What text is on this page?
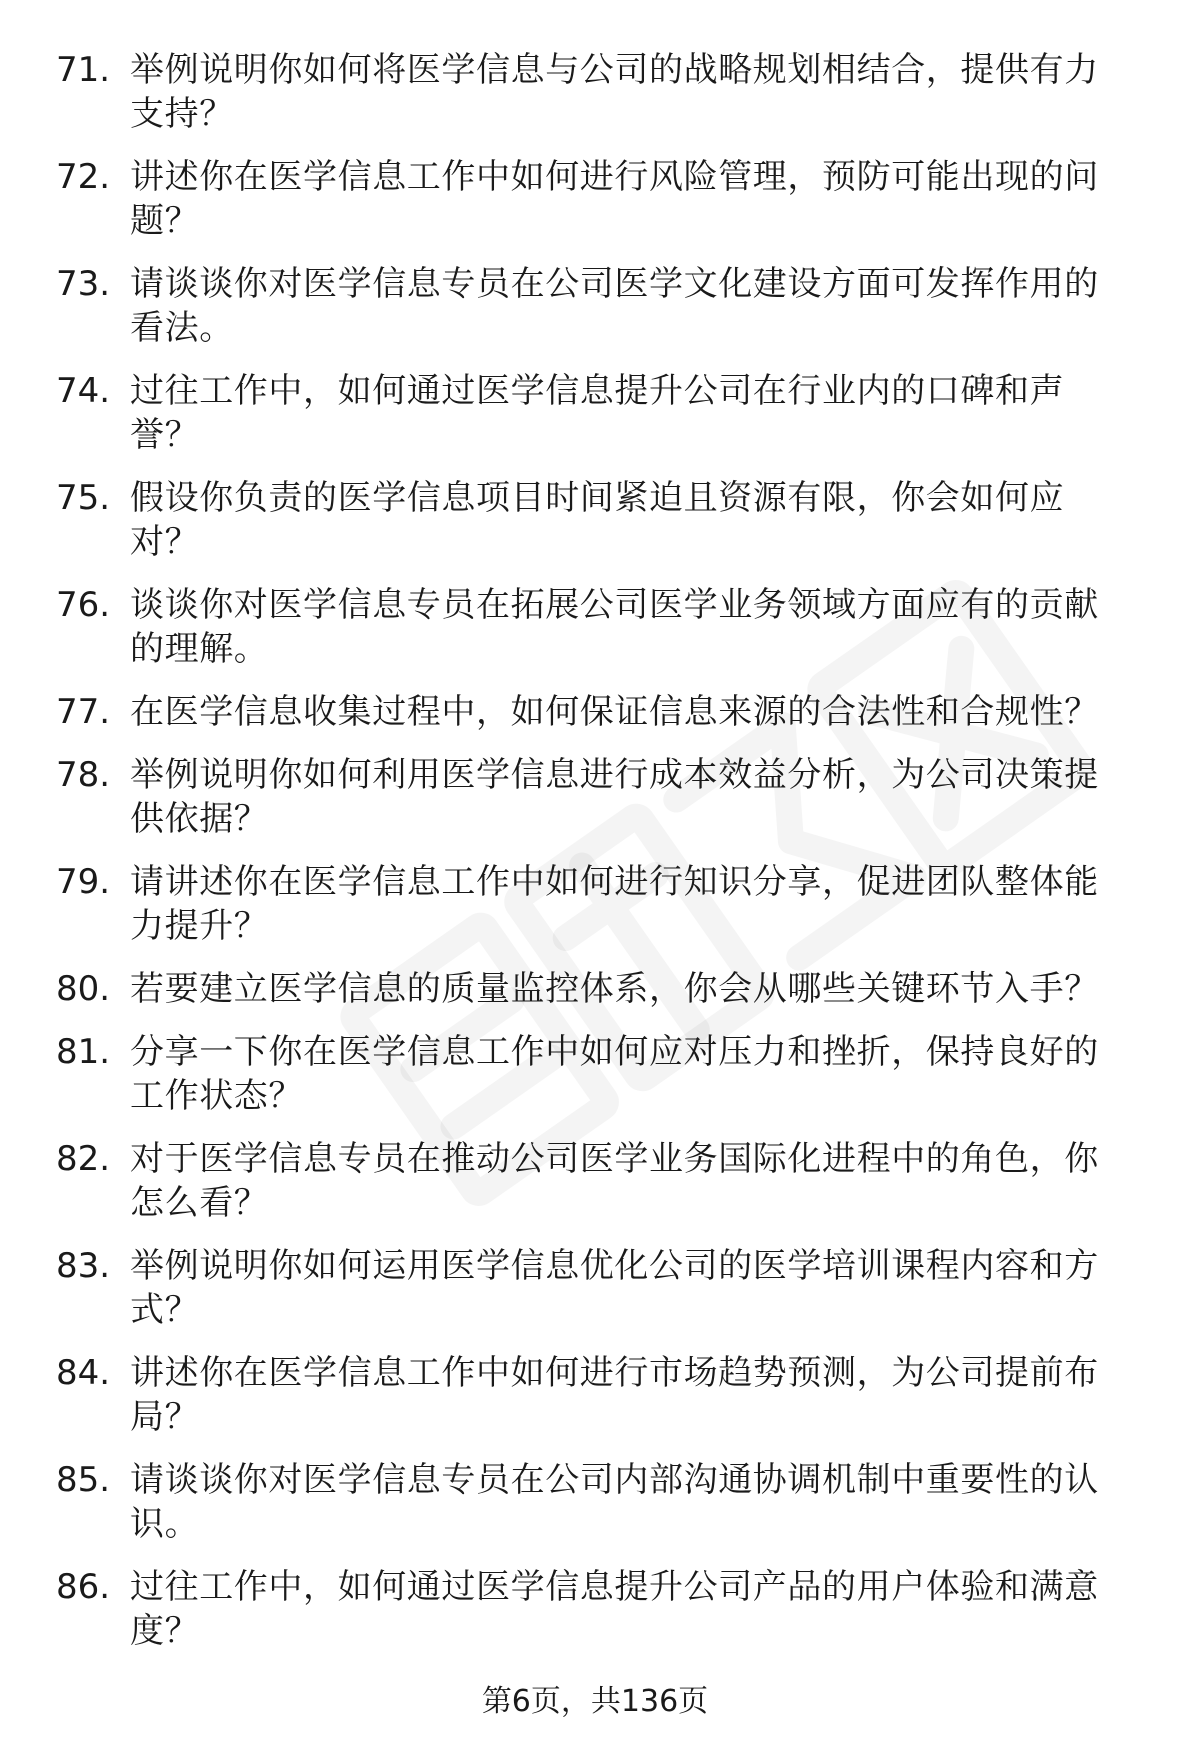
71. 举例说明你如何将医学信息与公司的战略规划相结合，提供有力支持？
72. 讲述你在医学信息工作中如何进行风险管理，预防可能出现的问题？
73. 请谈谈你对医学信息专员在公司医学文化建设方面可发挥作用的看法。
74. 过往工作中，如何通过医学信息提升公司在行业内的口碑和声誉？
75. 假设你负责的医学信息项目时间紧迫且资源有限，你会如何应对？
76. 谈谈你对医学信息专员在拓展公司医学业务领域方面应有的贡献的理解。
77. 在医学信息收集过程中，如何保证信息来源的合法性和合规性？
78. 举例说明你如何利用医学信息进行成本效益分析，为公司决策提供依据？
79. 请讲述你在医学信息工作中如何进行知识分享，促进团队整体能力提升？
80. 若要建立医学信息的质量监控体系，你会从哪些关键环节入手？
81. 分享一下你在医学信息工作中如何应对压力和挫折，保持良好的工作状态？
82. 对于医学信息专员在推动公司医学业务国际化进程中的角色，你怎么看？
83. 举例说明你如何运用医学信息优化公司的医学培训课程内容和方式？
84. 讲述你在医学信息工作中如何进行市场趋势预测，为公司提前布局？
85. 请谈谈你对医学信息专员在公司内部沟通协调机制中重要性的认识。
86. 过往工作中，如何通过医学信息提升公司产品的用户体验和满意度？
第6页，共136页
